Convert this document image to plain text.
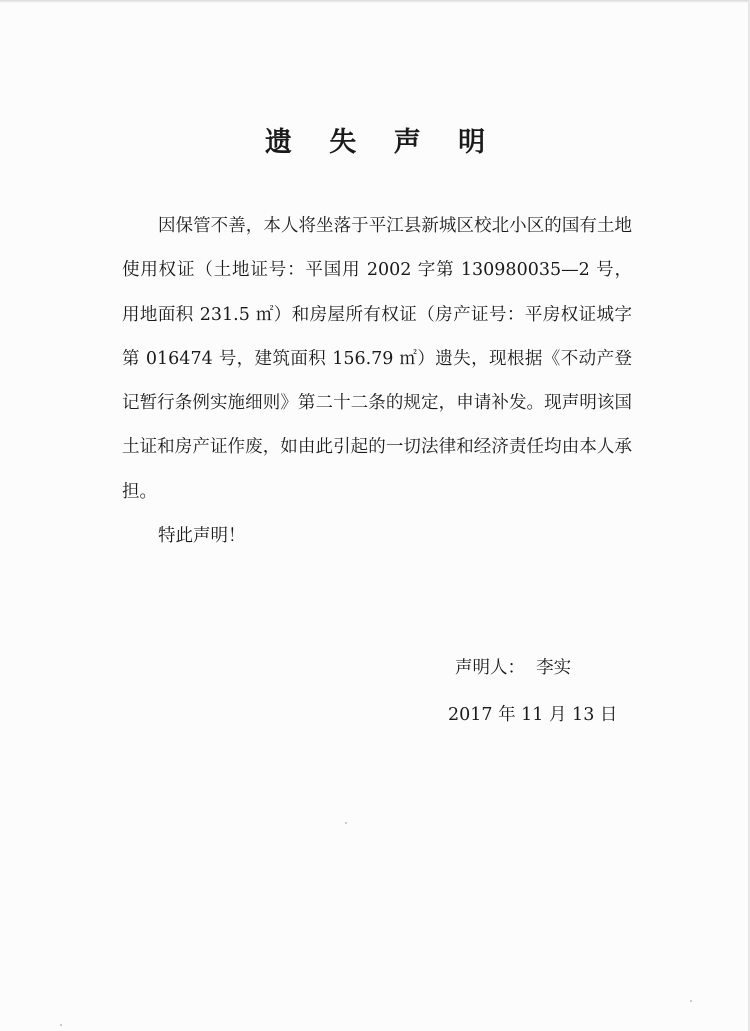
遗 失 声 明

因保管不善，本人将坐落于平江县新城区校北小区的国有土地使用权证（土地证号：平国用 2002 字第 130980035—2 号，用地面积 231.5 ㎡）和房屋所有权证（房产证号：平房权证城字第 016474 号，建筑面积 156.79 ㎡）遗失，现根据《不动产登记暂行条例实施细则》第二十二条的规定，申请补发。现声明该国土证和房产证作废，如由此引起的一切法律和经济责任均由本人承担。

特此声明！
声明人：  李实
2017 年 11 月 13 日
